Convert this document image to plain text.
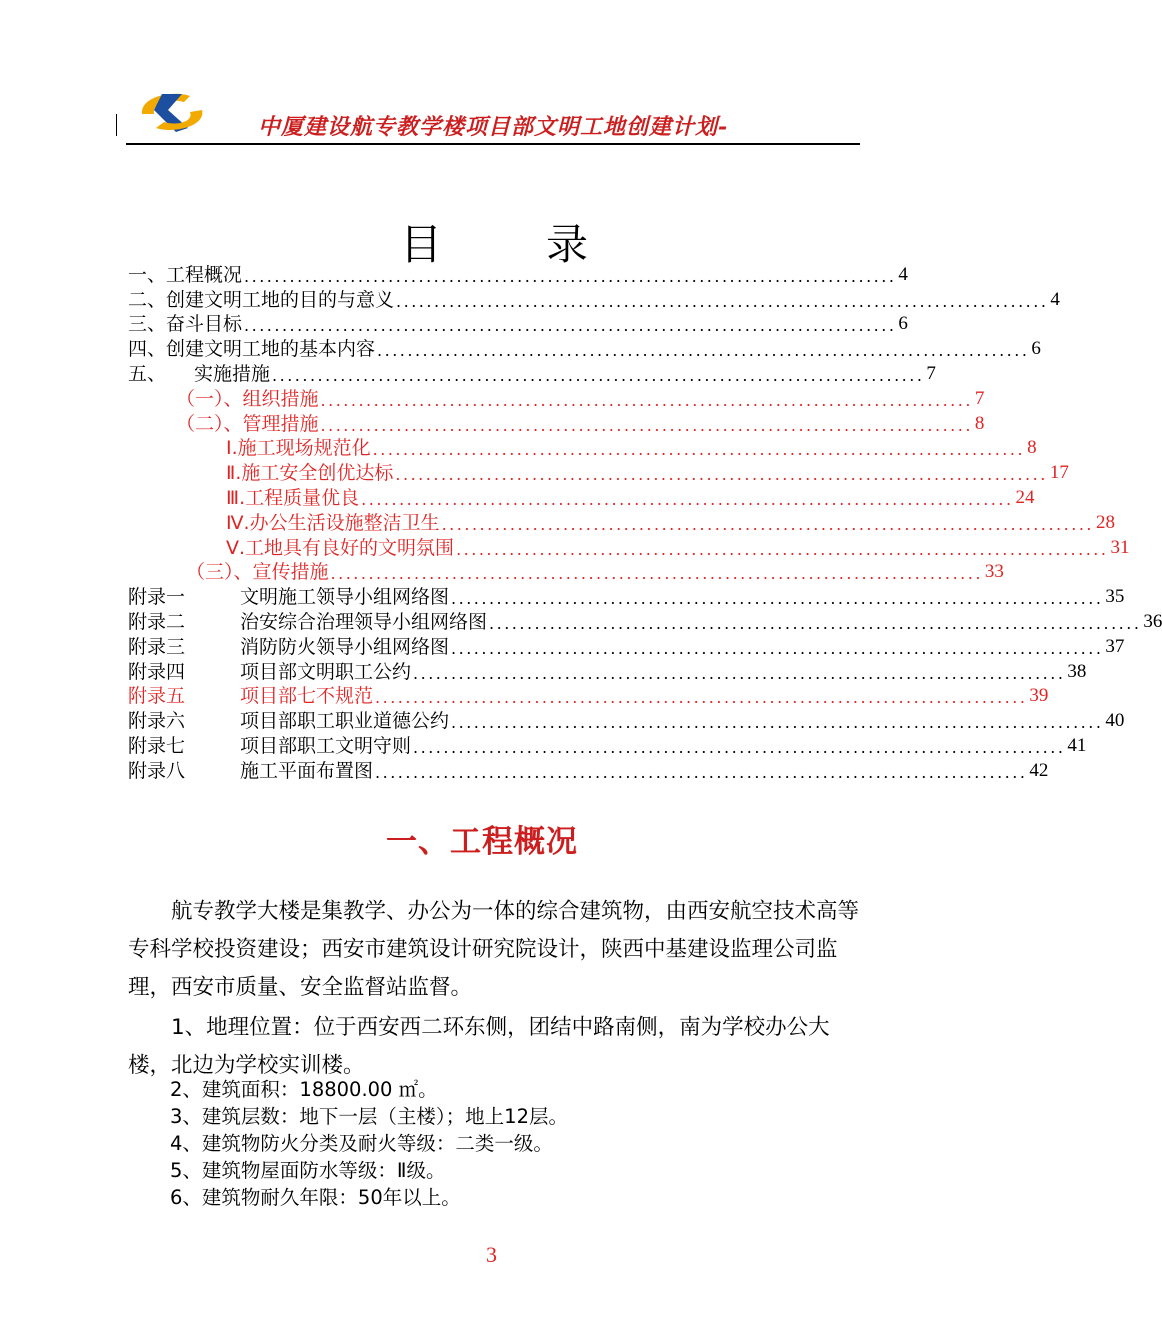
中厦建设航专教学楼项目部文明工地创建计划-
目 录
一、工程概况 ...................................................................................... 4
二、创建文明工地的目的与意义 ...................................................................................... 4
三、奋斗目标 ...................................................................................... 6
四、创建文明工地的基本内容 ...................................................................................... 6
五、 实施措施 ...................................................................................... 7
（一）、组织措施 ...................................................................................... 7
（二）、管理措施 ...................................................................................... 8
Ⅰ.施工现场规范化 ...................................................................................... 8
Ⅱ.施工安全创优达标 ...................................................................................... 17
Ⅲ.工程质量优良 ...................................................................................... 24
Ⅳ.办公生活设施整洁卫生 ...................................................................................... 28
Ⅴ.工地具有良好的文明氛围 ...................................................................................... 31
（三）、宣传措施 ...................................................................................... 33
附录一	文明施工领导小组网络图 ...................................................................................... 35
附录二	治安综合治理领导小组网络图 ...................................................................................... 36
附录三	消防防火领导小组网络图 ...................................................................................... 37
附录四	项目部文明职工公约 ...................................................................................... 38
附录五	项目部七不规范 ...................................................................................... 39
附录六	项目部职工职业道德公约 ...................................................................................... 40
附录七	项目部职工文明守则 ...................................................................................... 41
附录八	施工平面布置图 ...................................................................................... 42
一、工程概况
航专教学大楼是集教学、办公为一体的综合建筑物，由西安航空技术高等专科学校投资建设；西安市建筑设计研究院设计，陕西中基建设监理公司监理，西安市质量、安全监督站监督。
1、地理位置：位于西安西二环东侧，团结中路南侧，南为学校办公大楼，北边为学校实训楼。
2、建筑面积：18800.00 ㎡。
3、建筑层数：地下一层（主楼）；地上12层。
4、建筑物防火分类及耐火等级：二类一级。
5、建筑物屋面防水等级：Ⅱ级。
6、建筑物耐久年限：50年以上。
3
